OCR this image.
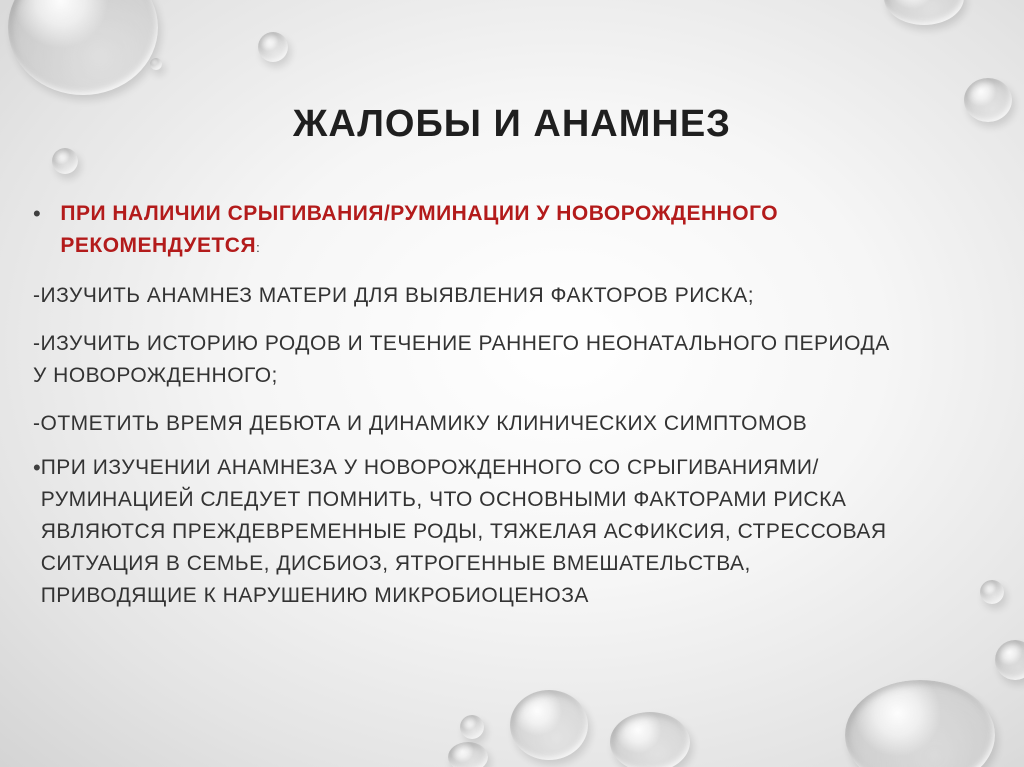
ЖАЛОБЫ И АНАМНЕЗ
• ПРИ НАЛИЧИИ СРЫГИВАНИЯ/РУМИНАЦИИ У НОВОРОЖДЕННОГО РЕКОМЕНДУЕТСЯ:
-ИЗУЧИТЬ АНАМНЕЗ МАТЕРИ ДЛЯ ВЫЯВЛЕНИЯ ФАКТОРОВ РИСКА;
-ИЗУЧИТЬ ИСТОРИЮ РОДОВ И ТЕЧЕНИЕ РАННЕГО НЕОНАТАЛЬНОГО ПЕРИОДА У НОВОРОЖДЕННОГО;
-ОТМЕТИТЬ ВРЕМЯ ДЕБЮТА И ДИНАМИКУ КЛИНИЧЕСКИХ СИМПТОМОВ
• ПРИ ИЗУЧЕНИИ АНАМНЕЗА У НОВОРОЖДЕННОГО СО СРЫГИВАНИЯМИ/РУМИНАЦИЕЙ СЛЕДУЕТ ПОМНИТЬ, ЧТО ОСНОВНЫМИ ФАКТОРАМИ РИСКА ЯВЛЯЮТСЯ ПРЕЖДЕВРЕМЕННЫЕ РОДЫ, ТЯЖЕЛАЯ АСФИКСИЯ, СТРЕССОВАЯ СИТУАЦИЯ В СЕМЬЕ, ДИСБИОЗ, ЯТРОГЕННЫЕ ВМЕШАТЕЛЬСТВА, ПРИВОДЯЩИЕ К НАРУШЕНИЮ МИКРОБИОЦЕНОЗА
